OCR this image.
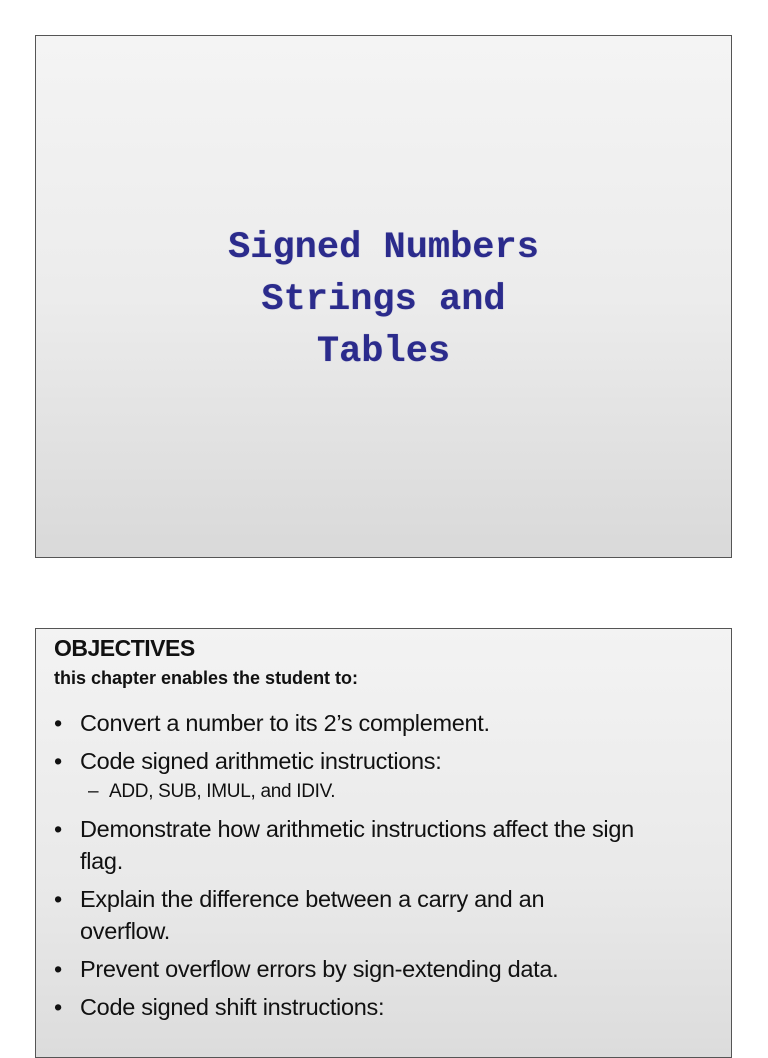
Signed Numbers
Strings and
Tables
OBJECTIVES
this chapter enables the student to:
• Convert a number to its 2’s complement.
• Code signed arithmetic instructions:
– ADD, SUB, IMUL, and IDIV.
• Demonstrate how arithmetic instructions affect the sign flag.
• Explain the difference between a carry and an overflow.
• Prevent overflow errors by sign-extending data.
• Code signed shift instructions:
